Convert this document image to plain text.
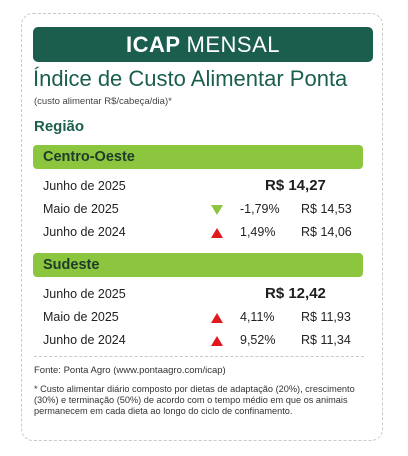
ICAP MENSAL
Índice de Custo Alimentar Ponta
(custo alimentar R$/cabeça/dia)*
Região
Centro-Oeste
Junho de 2025	R$ 14,27
Maio de 2025	-1,79% R$ 14,53
Junho de 2024	1,49% R$ 14,06
Sudeste
Junho de 2025	R$ 12,42
Maio de 2025	4,11% R$ 11,93
Junho de 2024	9,52% R$ 11,34
Fonte: Ponta Agro (www.pontaagro.com/icap)
* Custo alimentar diário composto por dietas de adaptação (20%), crescimento (30%) e terminação (50%) de acordo com o tempo médio em que os animais permanecem em cada dieta ao longo do ciclo de confinamento.
